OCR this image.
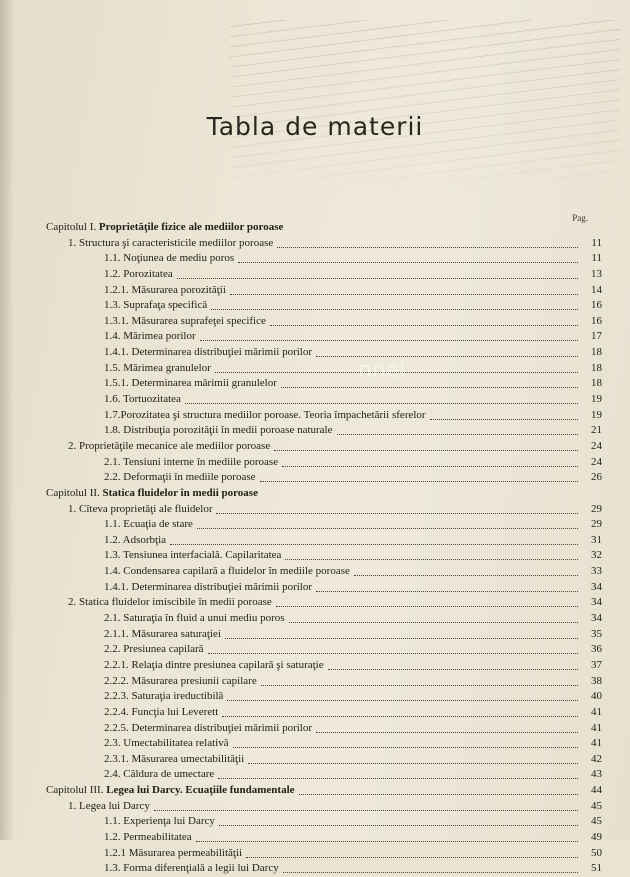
Tabla de materii
Pag.
Capitolul I. Proprietăţile fizice ale mediilor poroase
1. Structura şi caracteristicile mediilor poroase	11
1.1. Noţiunea de mediu poros	11
1.2. Porozitatea	13
1.2.1. Măsurarea porozităţii	14
1.3. Suprafaţa specifică	16
1.3.1. Măsurarea suprafeţei specifice	16
1.4. Mărimea porilor	17
1.4.1. Determinarea distribuţiei mărimii porilor	18
1.5. Mărimea granulelor	18
1.5.1. Determinarea mărimii granulelor	18
1.6. Tortuozitatea	19
1.7.Porozitatea şi structura mediilor poroase. Teoria împachetării sferelor	19
1.8. Distribuţia porozităţii în medii poroase naturale	21
2. Proprietăţile mecanice ale mediilor poroase	24
2.1. Tensiuni interne în mediile poroase	24
2.2. Deformaţii în mediile poroase	26
Capitolul II. Statica fluidelor în medii poroase
1. Cîteva proprietăţi ale fluidelor	29
1.1. Ecuaţia de stare	29
1.2. Adsorbţia	31
1.3. Tensiunea interfacială. Capilaritatea	32
1.4. Condensarea capilară a fluidelor în mediile poroase	33
1.4.1. Determinarea distribuţiei mărimii porilor	34
2. Statica fluidelor imiscibile în medii poroase	34
2.1. Saturaţia în fluid a unui mediu poros	34
2.1.1. Măsurarea saturaţiei	35
2.2. Presiunea capilară	36
2.2.1. Relaţia dintre presiunea capilară şi saturaţie	37
2.2.2. Măsurarea presiunii capilare	38
2.2.3. Saturaţia ireductibilă	40
2.2.4. Funcţia lui Leverett	41
2.2.5. Determinarea distribuţiei mărimii porilor	41
2.3. Umectabilitatea relativă	41
2.3.1. Măsurarea umectabilităţii	42
2.4. Căldura de umectare	43
Capitolul III. Legea lui Darcy. Ecuaţiile fundamentale	44
1. Legea lui Darcy	45
1.1. Experienţa lui Darcy	45
1.2. Permeabilitatea	49
1.2.1 Măsurarea permeabilităţii	50
1.3. Forma diferenţială a legii lui Darcy	51
nnei
